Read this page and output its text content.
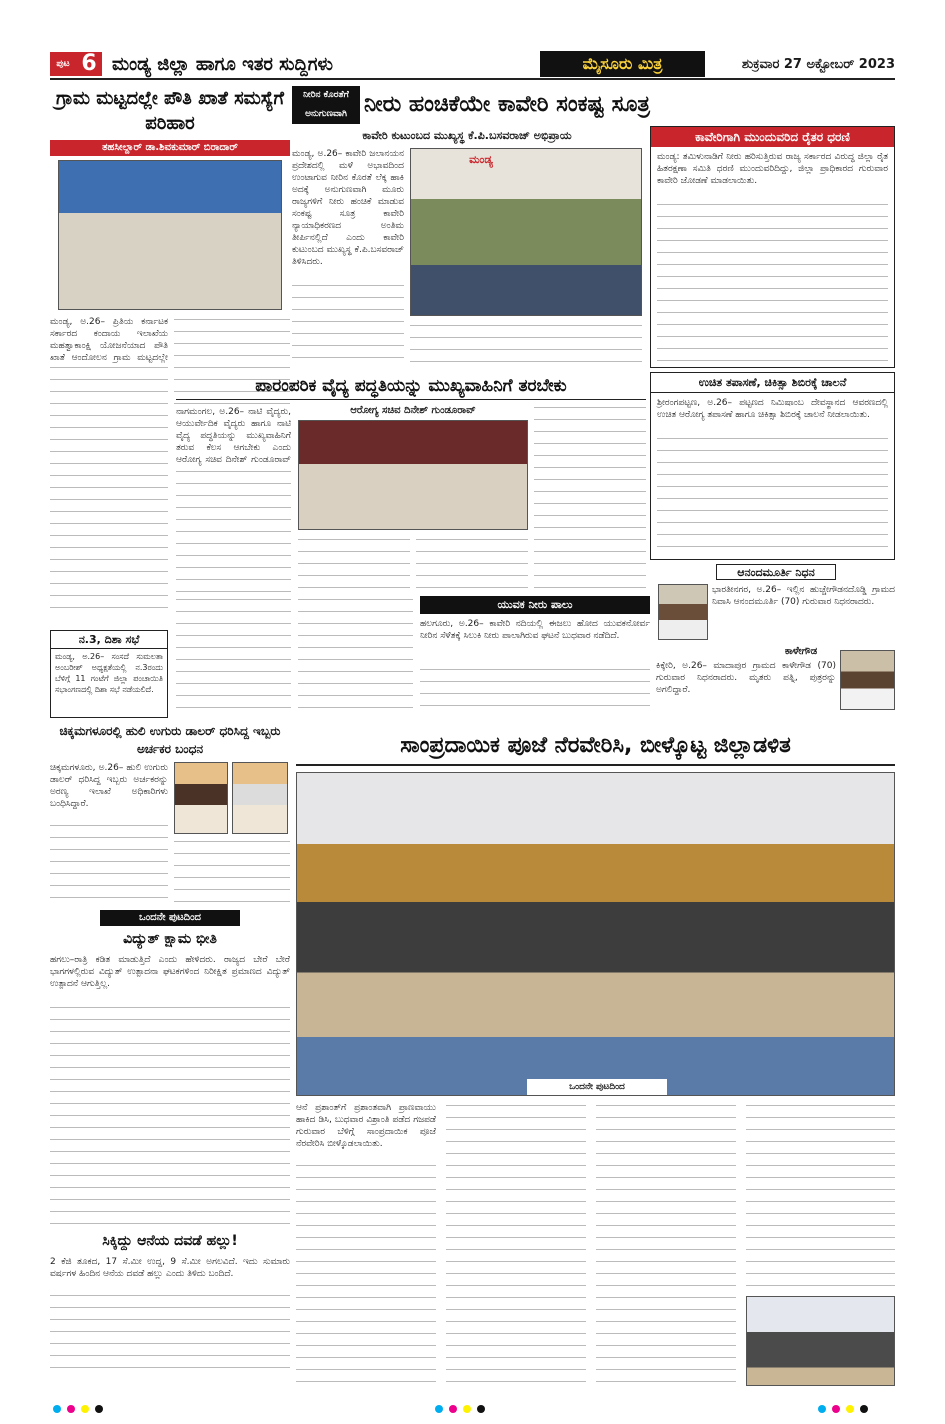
ಪುಟ 6 ಮಂಡ್ಯ ಜಿಲ್ಲಾ ಹಾಗೂ ಇತರ ಸುದ್ದಿಗಳು	ಮೈಸೂರು ಮಿತ್ರ	ಶುಕ್ರವಾರ 27 ಅಕ್ಟೋಬರ್ 2023
ಗ್ರಾಮ ಮಟ್ಟದಲ್ಲೇ ಪೌತಿ ಖಾತೆ ಸಮಸ್ಯೆಗೆ ಪರಿಹಾರ
ತಹಸೀಲ್ದಾರ್ ಡಾ.ಶಿವಕುಮಾರ್ ಬಿರಾದಾರ್
ಮಂಡ್ಯ, ಅ.26– ಪ್ರಿತಿಯ ಕರ್ನಾಟಕ ಸರ್ಕಾರದ ಕಂದಾಯ ಇಲಾಖೆಯ ಮಹತ್ವಾಕಾಂಕ್ಷಿ ಯೋಜನೆಯಾದ ಪೌತಿ ಖಾತೆ ಆಂದೋಲನ ಗ್ರಾಮ ಮಟ್ಟದಲ್ಲೇ
ನೀರಿನ ಕೊರತೆಗೆ ಅನುಗುಣವಾಗಿ ನೀರು ಹಂಚಿಕೆಯೇ ಕಾವೇರಿ ಸಂಕಷ್ಟ ಸೂತ್ರ
ಕಾವೇರಿ ಕುಟುಂಬದ ಮುಖ್ಯಸ್ಥ ಕೆ.ಪಿ.ಬಸವರಾಜ್ ಅಭಿಪ್ರಾಯ
ಮಂಡ್ಯ, ಅ.26– ಕಾವೇರಿ ಜಲಾನಯನ ಪ್ರದೇಶದಲ್ಲಿ ಮಳೆ ಅಭಾವದಿಂದ ಉಂಟಾಗುವ ನೀರಿನ ಕೊರತೆ ಲೆಕ್ಕ ಹಾಕಿ ಅದಕ್ಕೆ ಅನುಗುಣವಾಗಿ ಮೂರು ರಾಜ್ಯಗಳಿಗೆ ನೀರು ಹಂಚಿಕೆ ಮಾಡುವ ಸಂಕಷ್ಟ ಸೂತ್ರ ಕಾವೇರಿ ನ್ಯಾಯಾಧಿಕರಣದ ಅಂತಿಮ ತೀರ್ಪಿನಲ್ಲಿದೆ ಎಂದು ಕಾವೇರಿ ಕುಟುಂಬದ ಮುಖ್ಯಸ್ಥ ಕೆ.ಪಿ.ಬಸವರಾಜ್ ತಿಳಿಸಿದರು.
ಮಂಡ್ಯ
ಕಾವೇರಿಗಾಗಿ ಮುಂದುವರಿದ ರೈತರ ಧರಣಿ
ಮಂಡ್ಯ: ತಮಿಳುನಾಡಿಗೆ ನೀರು ಹರಿಸುತ್ತಿರುವ ರಾಜ್ಯ ಸರ್ಕಾರದ ವಿರುದ್ಧ ಜಿಲ್ಲಾ ರೈತ ಹಿತರಕ್ಷಣಾ ಸಮಿತಿ ಧರಣಿ ಮುಂದುವರಿದಿದ್ದು, ಜಿಲ್ಲಾ ಪ್ರಾಧಿಕಾರದ ಗುರುವಾರ ಕಾವೇರಿ ಜೋಡಣೆ ಮಾಡಲಾಯಿತು.
ಪಾರಂಪರಿಕ ವೈದ್ಯ ಪದ್ಧತಿಯನ್ನು ಮುಖ್ಯವಾಹಿನಿಗೆ ತರಬೇಕು
ನಾಗಮಂಗಲ, ಅ.26– ನಾಟಿ ವೈದ್ಯರು, ಆಯುರ್ವೇದಿಕ ವೈದ್ಯರು ಹಾಗೂ ನಾಟಿ ವೈದ್ಯ ಪದ್ಧತಿಯನ್ನು ಮುಖ್ಯವಾಹಿನಿಗೆ ತರುವ ಕೆಲಸ ಆಗಬೇಕು ಎಂದು ಆರೋಗ್ಯ ಸಚಿವ ದಿನೇಶ್ ಗುಂಡೂರಾವ್
ಆರೋಗ್ಯ ಸಚಿವ ದಿನೇಶ್ ಗುಂಡೂರಾವ್
ಉಚಿತ ತಪಾಸಣೆ, ಚಿಕಿತ್ಸಾ ಶಿಬಿರಕ್ಕೆ ಚಾಲನೆ
ಶ್ರೀರಂಗಪಟ್ಟಣ, ಅ.26– ಪಟ್ಟಣದ ನಿಮಿಷಾಂಬ ದೇವಸ್ಥಾನದ ಆವರಣದಲ್ಲಿ ಉಚಿತ ಆರೋಗ್ಯ ತಪಾಸಣೆ ಹಾಗೂ ಚಿಕಿತ್ಸಾ ಶಿಬಿರಕ್ಕೆ ಚಾಲನೆ ನೀಡಲಾಯಿತು.
ಆನಂದಮೂರ್ತಿ ನಿಧನ
ಭಾರತೀನಗರ, ಅ.26– ಇಲ್ಲಿನ ಹುಚ್ಚೇಗೌಡನದೊಡ್ಡಿ ಗ್ರಾಮದ ನಿವಾಸಿ ಆನಂದಮೂರ್ತಿ (70) ಗುರುವಾರ ನಿಧನರಾದರು.
ಕಾಳೇಗೌಡ
ಕಿಕ್ಕೇರಿ, ಅ.26– ಮಾದಾಪುರ ಗ್ರಾಮದ ಕಾಳೇಗೌಡ (70) ಗುರುವಾರ ನಿಧನರಾದರು. ಮೃತರು ಪತ್ನಿ, ಪುತ್ರರನ್ನು ಅಗಲಿದ್ದಾರೆ.
ಯುವಕ ನೀರು ಪಾಲು
ಹಲಗೂರು, ಅ.26– ಕಾವೇರಿ ನದಿಯಲ್ಲಿ ಈಜಲು ಹೋದ ಯುವಕನೋರ್ವ ನೀರಿನ ಸೆಳೆತಕ್ಕೆ ಸಿಲುಕಿ ನೀರು ಪಾಲಾಗಿರುವ ಘಟನೆ ಬುಧವಾರ ನಡೆದಿದೆ.
ನ.3, ದಿಶಾ ಸಭೆ
ಮಂಡ್ಯ, ಅ.26– ಸಂಸದೆ ಸುಮಲತಾ ಅಂಬರೀಶ್ ಅಧ್ಯಕ್ಷತೆಯಲ್ಲಿ ನ.3ರಂದು ಬೆಳಿಗ್ಗೆ 11 ಗಂಟೆಗೆ ಜಿಲ್ಲಾ ಪಂಚಾಯಿತಿ ಸಭಾಂಗಣದಲ್ಲಿ ದಿಶಾ ಸಭೆ ನಡೆಯಲಿದೆ.
ಚಿಕ್ಕಮಗಳೂರಲ್ಲಿ ಹುಲಿ ಉಗುರು ಡಾಲರ್ ಧರಿಸಿದ್ದ ಇಬ್ಬರು ಅರ್ಚಕರ ಬಂಧನ
ಚಿಕ್ಕಮಗಳೂರು, ಅ.26– ಹುಲಿ ಉಗುರು ಡಾಲರ್ ಧರಿಸಿದ್ದ ಇಬ್ಬರು ಅರ್ಚಕರನ್ನು ಅರಣ್ಯ ಇಲಾಖೆ ಅಧಿಕಾರಿಗಳು ಬಂಧಿಸಿದ್ದಾರೆ.
ಒಂದನೇ ಪುಟದಿಂದ
ವಿದ್ಯುತ್ ಕ್ಷಾಮ ಭೀತಿ
ಹಗಲು–ರಾತ್ರಿ ಕಡಿತ ಮಾಡುತ್ತಿದೆ ಎಂದು ಹೇಳಿದರು. ರಾಜ್ಯದ ಬೇರೆ ಬೇರೆ ಭಾಗಗಳಲ್ಲಿರುವ ವಿದ್ಯುತ್ ಉತ್ಪಾದನಾ ಘಟಕಗಳಿಂದ ನಿರೀಕ್ಷಿತ ಪ್ರಮಾಣದ ವಿದ್ಯುತ್ ಉತ್ಪಾದನೆ ಆಗುತ್ತಿಲ್ಲ.
ಸಿಕ್ಕಿದ್ದು ಆನೆಯ ದವಡೆ ಹಲ್ಲು!
2 ಕೆಜಿ ತೂಕದ, 17 ಸೆ.ಮೀ ಉದ್ದ, 9 ಸೆ.ಮೀ ಅಗಲವಿದೆ. ಇದು ಸುಮಾರು ವರ್ಷಗಳ ಹಿಂದಿನ ಆನೆಯ ದವಡೆ ಹಲ್ಲು ಎಂದು ತಿಳಿದು ಬಂದಿದೆ.
ಸಾಂಪ್ರದಾಯಿಕ ಪೂಜೆ ನೆರವೇರಿಸಿ, ಬೀಳ್ಕೊಟ್ಟ ಜಿಲ್ಲಾಡಳಿತ
ಒಂದನೇ ಪುಟದಿಂದ
ಆನೆ ಪ್ರಶಾಂತ್‌ಗೆ ಪ್ರಶಾಂತವಾಗಿ ಪ್ರಾಣವಾಯು ಹಾಕಿದ ಡಿಸಿ, ಬುಧವಾರ ವಿಶ್ರಾಂತಿ ಪಡೆದ ಗಜಪಡೆ ಗುರುವಾರ ಬೆಳಿಗ್ಗೆ ಸಾಂಪ್ರದಾಯಿಕ ಪೂಜೆ ನೆರವೇರಿಸಿ ಬೀಳ್ಕೊಡಲಾಯಿತು.
